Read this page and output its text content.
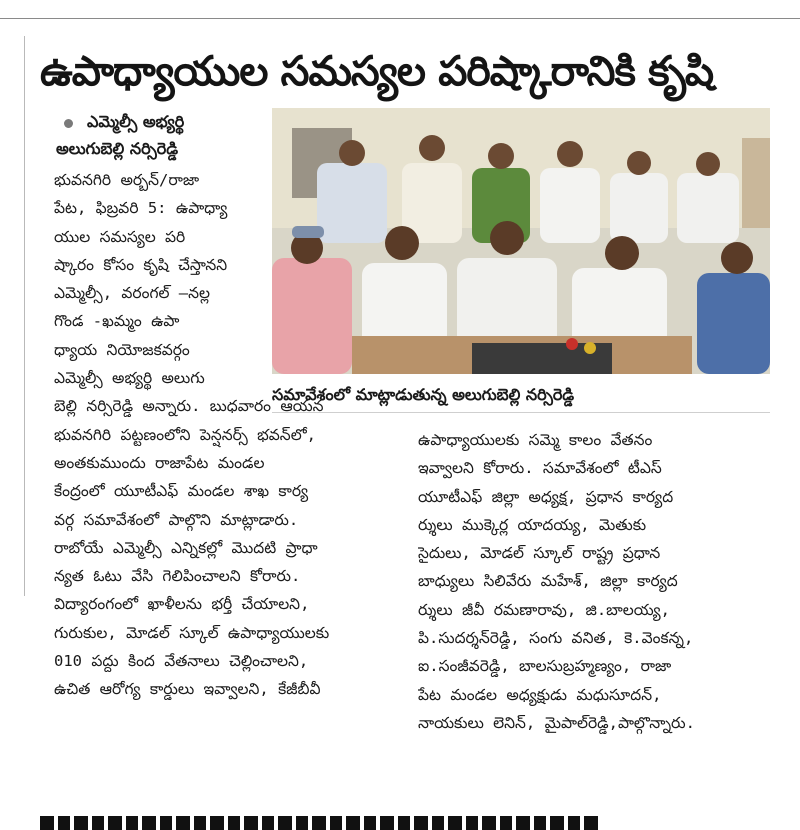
ఉపాధ్యాయుల సమస్యల పరిష్కారానికి కృషి
ఎమ్మెల్సీ అభ్యర్థి
అలుగుబెల్లి నర్సిరెడ్డి
సమావేశంలో మాట్లాడుతున్న అలుగుబెల్లి నర్సిరెడ్డి
భువనగిరి అర్బన్/రాజా
పేట, ఫిబ్రవరి 5: ఉపాధ్యా
యుల సమస్యల పరి
ష్కారం కోసం కృషి చేస్తానని
ఎమ్మెల్సీ, వరంగల్ –నల్ల
గొండ -ఖమ్మం ఉపా
ధ్యాయ నియోజకవర్గం
ఎమ్మెల్సీ అభ్యర్థి అలుగు
బెల్లి నర్సిరెడ్డి అన్నారు. బుధవారం ఆయన
భువనగిరి పట్టణంలోని పెన్షనర్స్ భవన్‌లో,
అంతకుముందు రాజాపేట మండల
కేంద్రంలో యూటీఎఫ్ మండల శాఖ కార్య
వర్గ సమావేశంలో పాల్గొని మాట్లాడారు.
రాబోయే ఎమ్మెల్సీ ఎన్నికల్లో మొదటి ప్రాధా
న్యత ఓటు వేసి గెలిపించాలని కోరారు.
విద్యారంగంలో ఖాళీలను భర్తీ చేయాలని,
గురుకుల, మోడల్ స్కూల్ ఉపాధ్యాయులకు
010 పద్దు కింద వేతనాలు చెల్లించాలని,
ఉచిత ఆరోగ్య కార్డులు ఇవ్వాలని, కేజీబీవీ
ఉపాధ్యాయులకు సమ్మె కాలం వేతనం
ఇవ్వాలని కోరారు. సమావేశంలో టీఎస్
యూటీఎఫ్ జిల్లా అధ్యక్ష, ప్రధాన కార్యద
ర్శులు ముక్కెర్ల యాదయ్య, మెతుకు
సైదులు, మోడల్ స్కూల్ రాష్ట్ర ప్రధాన
బాధ్యులు సిలివేరు మహేశ్, జిల్లా కార్యద
ర్శులు జీవీ రమణారావు, జి.బాలయ్య,
పి.సుదర్శన్‌రెడ్డి, సంగు వనిత, కె.వెంకన్న,
ఐ.సంజీవరెడ్డి, బాలసుబ్రహ్మణ్యం, రాజా
పేట మండల అధ్యక్షుడు మధుసూదన్,
నాయకులు లెనిన్, మైపాల్‌రెడ్డి,పాల్గొన్నారు.
